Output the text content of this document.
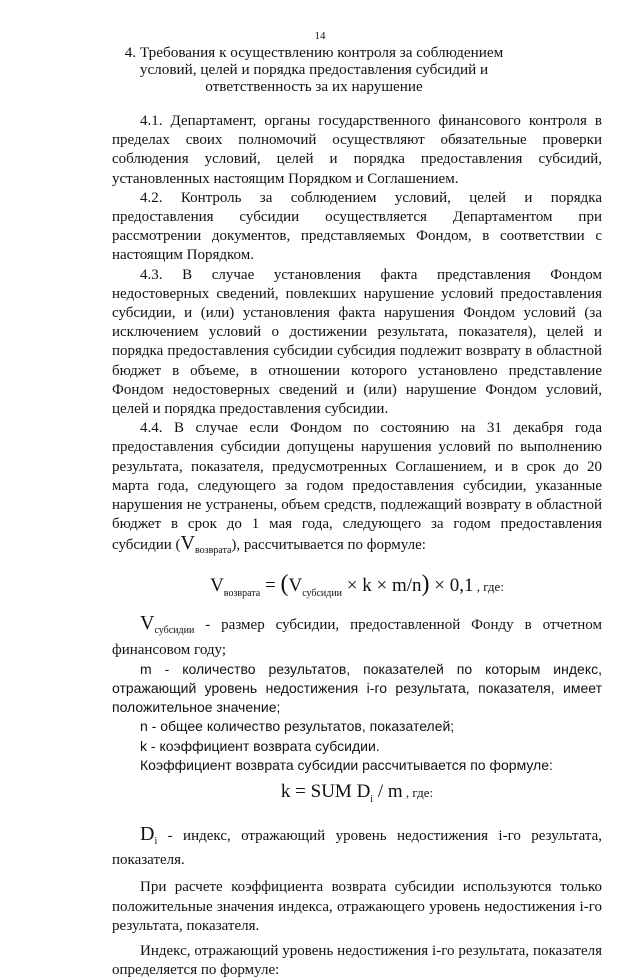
14
4. Требования к осуществлению контроля за соблюдением условий, целей и порядка предоставления субсидий и ответственность за их нарушение

4.1. Департамент, органы государственного финансового контроля в пределах своих полномочий осуществляют обязательные проверки соблюдения условий, целей и порядка предоставления субсидий, установленных настоящим Порядком и Соглашением.

4.2. Контроль за соблюдением условий, целей и порядка предоставления субсидии осуществляется Департаментом при рассмотрении документов, представляемых Фондом, в соответствии с настоящим Порядком.

4.3. В случае установления факта представления Фондом недостоверных сведений, повлекших нарушение условий предоставления субсидии, и (или) установления факта нарушения Фондом условий (за исключением условий о достижении результата, показателя), целей и порядка предоставления субсидии субсидия подлежит возврату в областной бюджет в объеме, в отношении которого установлено представление Фондом недостоверных сведений и (или) нарушение Фондом условий, целей и порядка предоставления субсидии.

4.4. В случае если Фондом по состоянию на 31 декабря года предоставления субсидии допущены нарушения условий по выполнению результата, показателя, предусмотренных Соглашением, и в срок до 20 марта года, следующего за годом предоставления субсидии, указанные нарушения не устранены, объем средств, подлежащий возврату в областной бюджет в срок до 1 мая года, следующего за годом предоставления субсидии $(V_{возврата})$, рассчитывается по формуле:

$V_{возврата} = (V_{субсидии} \times k \times m/n) \times 0,1$ , где:

$V_{субсидии}$ - размер субсидии, предоставленной Фонду в отчетном финансовом году;

m - количество результатов, показателей по которым индекс, отражающий уровень недостижения i-го результата, показателя, имеет положительное значение;

n - общее количество результатов, показателей;

k - коэффициент возврата субсидии.

Коэффициент возврата субсидии рассчитывается по формуле:

k = SUM $D_i$ / m , где:

$D_i$ - индекс, отражающий уровень недостижения i-го результата, показателя.

При расчете коэффициента возврата субсидии используются только положительные значения индекса, отражающего уровень недостижения i-го результата, показателя.

Индекс, отражающий уровень недостижения i-го результата, показателя определяется по формуле:
